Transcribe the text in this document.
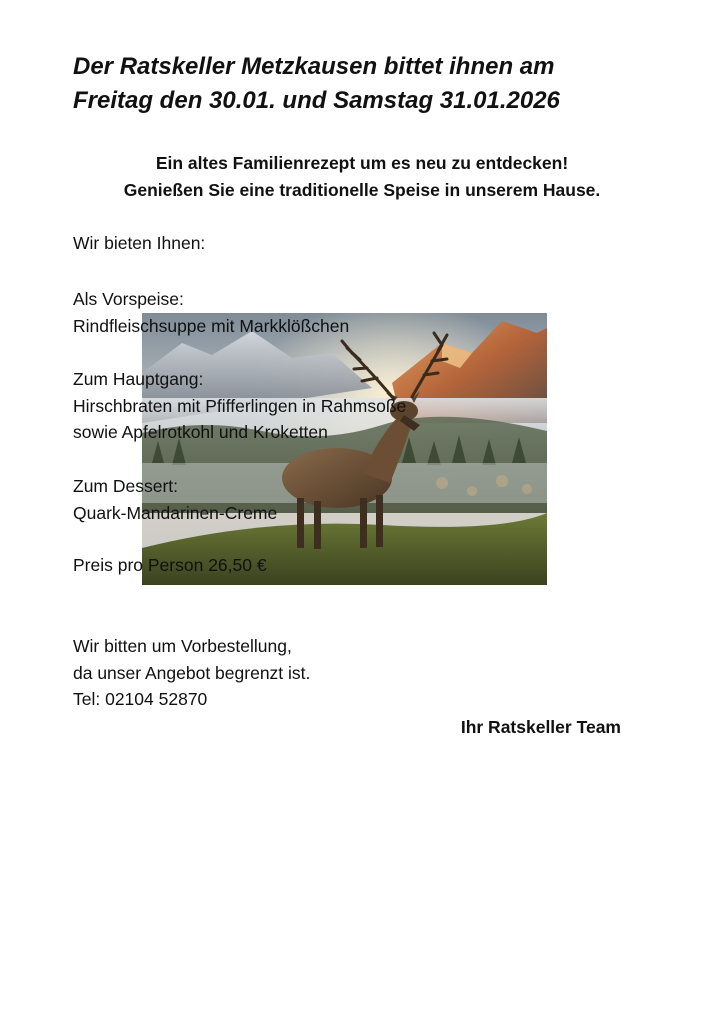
Der Ratskeller Metzkausen bittet ihnen am
Freitag den 30.01. und Samstag 31.01.2026
Ein altes Familienrezept um es neu zu entdecken!
Genießen Sie eine traditionelle Speise in unserem Hause.
Wir bieten Ihnen:
Als Vorspeise:
Rindfleischsuppe mit Markklößchen
Zum Hauptgang:
Hirschbraten mit Pfifferlingen in Rahmsoße
sowie Apfelrotkohl und Kroketten
Zum Dessert:
Quark-Mandarinen-Creme
Preis pro Person 26,50 €
Wir bitten um Vorbestellung,
da unser Angebot begrenzt ist.
Tel: 02104 52870
Ihr Ratskeller Team
